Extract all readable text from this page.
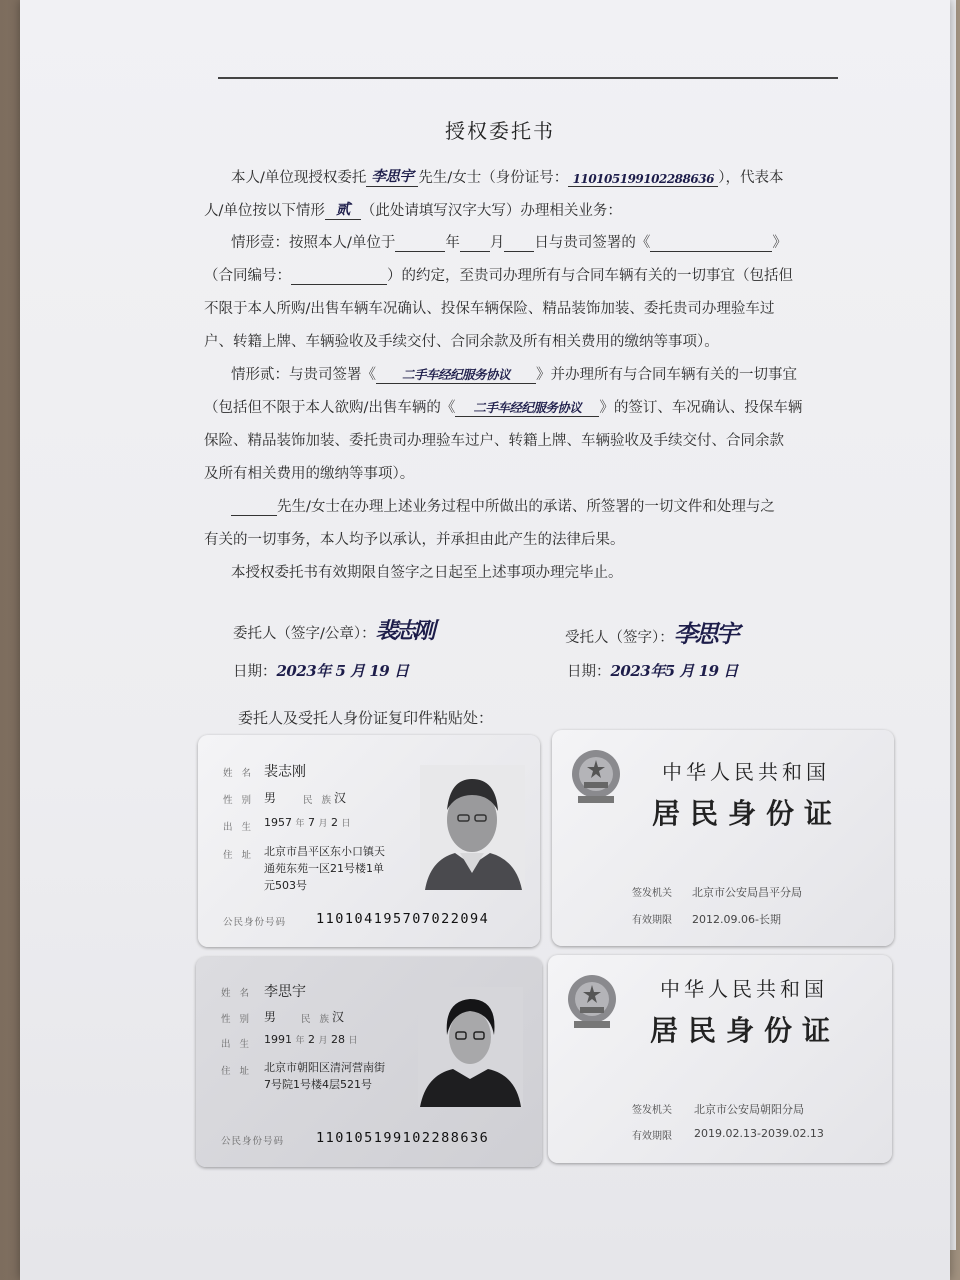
授权委托书
本人/单位现授权委托 李思宇 先生/女士（身份证号： 110105199102288636 ），代表本
人/单位按以下情形 贰 （此处请填写汉字大写）办理相关业务：
情形壹：按照本人/单位于	年 月 日与贵司签署的《	》
（合同编号：	）的约定，至贵司办理所有与合同车辆有关的一切事宜（包括但
不限于本人所购/出售车辆车况确认、投保车辆保险、精品装饰加装、委托贵司办理验车过
户、转籍上牌、车辆验收及手续交付、合同余款及所有相关费用的缴纳等事项）。
情形贰：与贵司签署《 二手车经纪服务协议 》并办理所有与合同车辆有关的一切事宜
（包括但不限于本人欲购/出售车辆的《 二手车经纪服务协议 》的签订、车况确认、投保车辆
保险、精品装饰加装、委托贵司办理验车过户、转籍上牌、车辆验收及手续交付、合同余款
及所有相关费用的缴纳等事项）。
先生/女士在办理上述业务过程中所做出的承诺、所签署的一切文件和处理与之
有关的一切事务，本人均予以承认，并承担由此产生的法律后果。
本授权委托书有效期限自签字之日起至上述事项办理完毕止。
委托人（签字/公章）：裴志刚	受托人（签字）：李思宇
日期：2023年 5 月 19 日	日期：2023年5 月 19 日
委托人及受托人身份证复印件粘贴处：
姓 名 裴志刚
性 别 男	民 族 汉
出 生 1957 年 7 月 2 日
住 址 北京市昌平区东小口镇天
通苑东苑一区21号楼1单
元503号
公民身份号码 110104195707022094
中华人民共和国
居民身份证
签发机关 北京市公安局昌平分局
有效期限 2012.09.06-长期
姓 名 李思宇
性 别 男	民 族 汉
出 生 1991 年 2 月 28 日
住 址 北京市朝阳区清河营南街
7号院1号楼4层521号
公民身份号码 110105199102288636
中华人民共和国
居民身份证
签发机关 北京市公安局朝阳分局
有效期限 2019.02.13-2039.02.13
